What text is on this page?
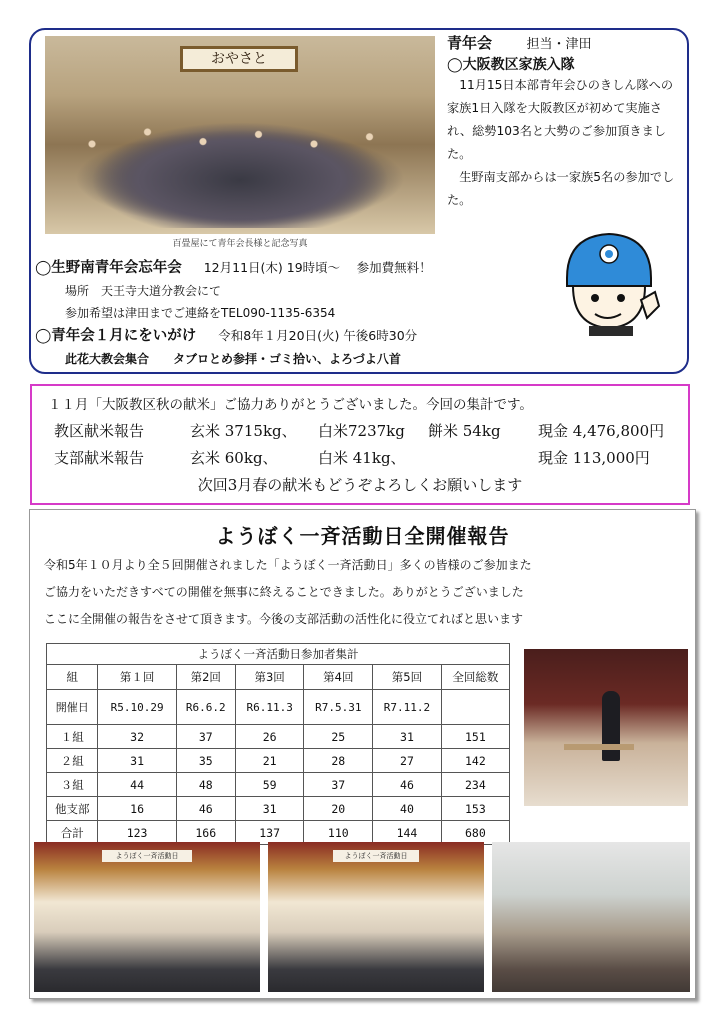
おやさと
百畳屋にて青年会長様と記念写真
青年会	担当・津田
◯大阪教区家族入隊

11月15日本部青年会ひのきしん隊への家族1日入隊を大阪教区が初めて実施され、総勢103名と大勢のご参加頂きました。

生野南支部からは一家族5名の参加でした。

◯生野南青年会忘年会 12月11日(木) 19時頃〜　 参加費無料！
場所　天王寺大道分教会にて
参加希望は津田までご連絡をTEL090-1135-6354
◯青年会１月にをいがけ 令和8年１月20日(火) 午後6時30分
此花大教会集合　　タブロとめ参拝・ゴミ拾い、よろづよ八首
１１月「大阪教区秋の献米」ご協力ありがとうございました。今回の集計です。
教区献米報告	玄米 3715kg、 白米7237kg 餅米 54kg 現金 4,476,800円
支部献米報告	玄米 60kg、	白米 41kg、	現金 113,000円
次回3月春の献米もどうぞよろしくお願いします
ようぼく一斉活動日全開催報告
令和5年１０月より全５回開催されました「ようぼく一斉活動日」多くの皆様のご参加また
ご協力をいただきすべての開催を無事に終えることできました。ありがとうございました
ここに全開催の報告をさせて頂きます。今後の支部活動の活性化に役立てればと思います
ようぼく一斉活動日参加者集計						
組	第１回	第2回	第3回	第4回	第5回	全回総数
開催日	R5.10.29	R6.6.2	R6.11.3	R7.5.31	R7.11.2	
１組	32	37	26	25	31	151
２組	31	35	21	28	27	142
３組	44	48	59	37	46	234
他支部	16	46	31	20	40	153
合計	123	166	137	110	144	680
ようぼく一斉活動日	ようぼく一斉活動日
